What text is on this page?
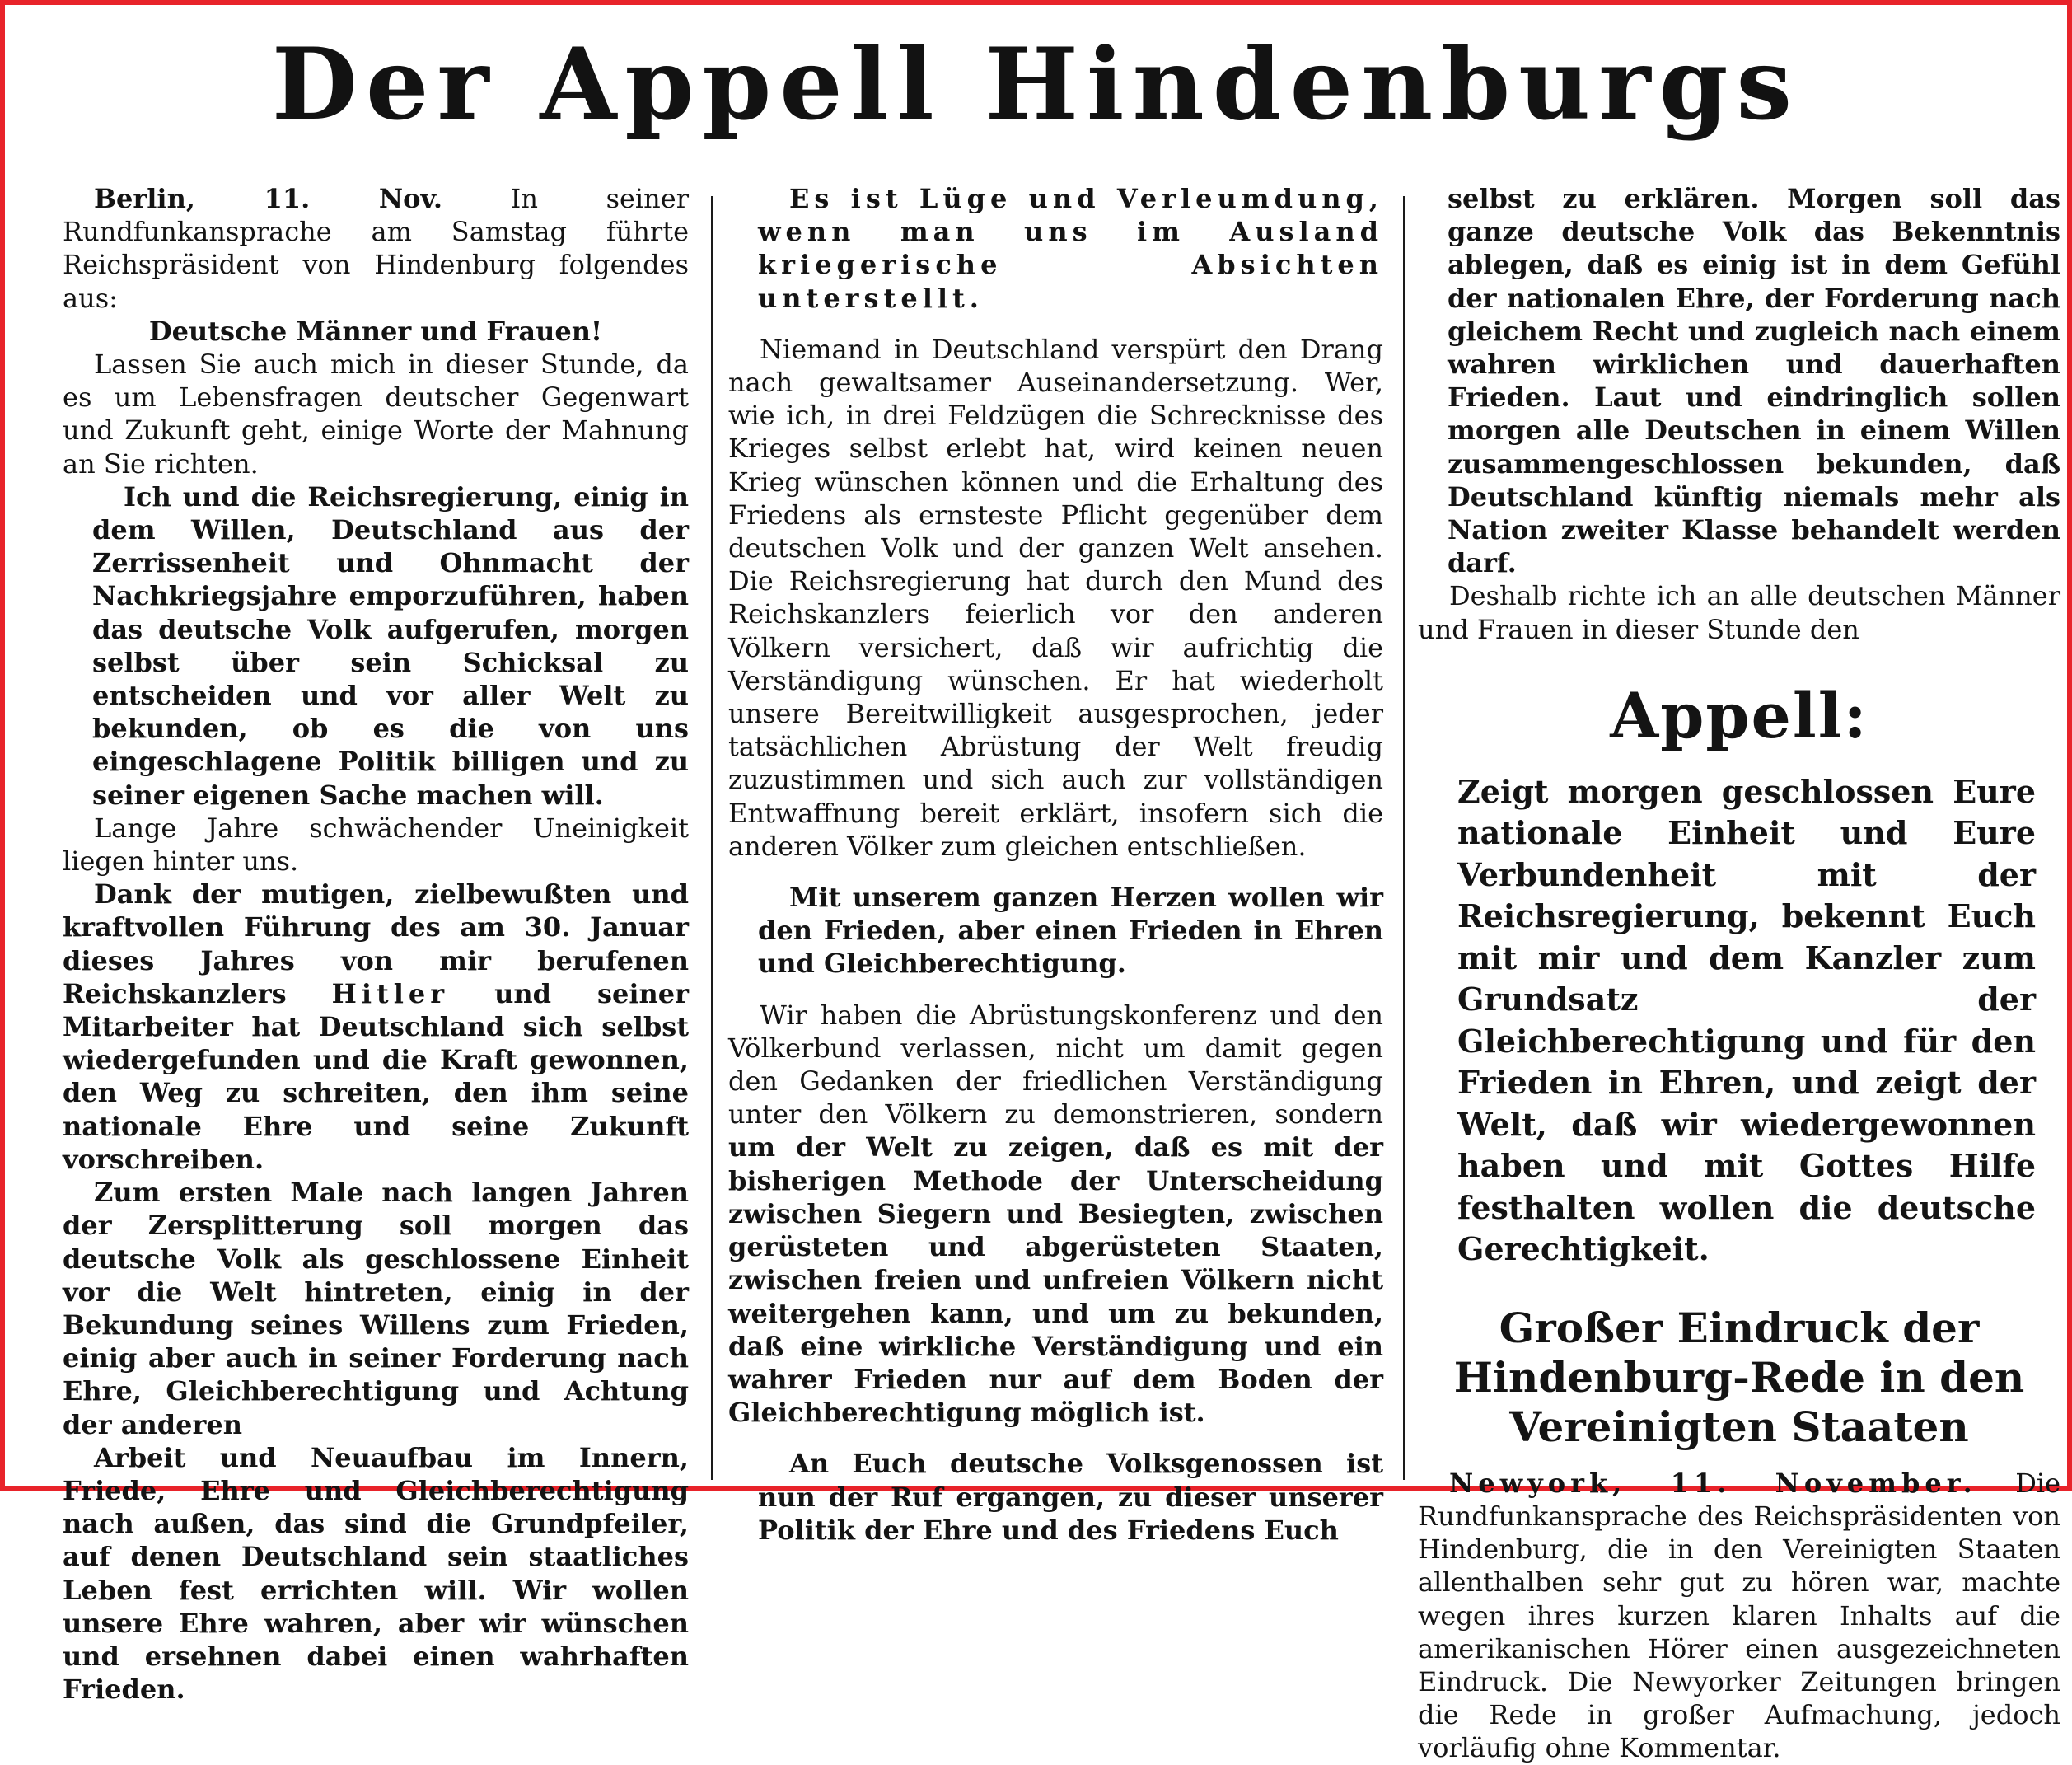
Der Appell Hindenburgs

Berlin, 11. Nov.	In seiner Rundfunkansprache am Samstag führte Reichspräsident von Hindenburg folgendes aus:

Deutsche Männer und Frauen!

Lassen Sie auch mich in dieser Stunde, da es um Lebensfragen deutscher Gegenwart und Zukunft geht, einige Worte der Mahnung an Sie richten.

Ich und die Reichsregierung, einig in dem Willen, Deutschland aus der Zerrissenheit und Ohnmacht der Nachkriegsjahre emporzuführen, haben das deutsche Volk aufgerufen, morgen selbst über sein Schicksal zu entscheiden und vor aller Welt zu bekunden, ob es die von uns eingeschlagene Politik billigen und zu seiner eigenen Sache machen will.

Lange Jahre schwächender Uneinigkeit liegen hinter uns.

Dank der mutigen, zielbewußten und kraftvollen Führung des am 30. Januar dieses Jahres von mir berufenen Reichskanzlers Hitler und seiner Mitarbeiter hat Deutschland sich selbst wiedergefunden und die Kraft gewonnen, den Weg zu schreiten, den ihm seine nationale Ehre und seine Zukunft vorschreiben.

Zum ersten Male nach langen Jahren der Zersplitterung soll morgen das deutsche Volk als geschlossene Einheit vor die Welt hintreten, einig in der Bekundung seines Willens zum Frieden, einig aber auch in seiner Forderung nach Ehre, Gleichberechtigung und Achtung der anderen

Arbeit und Neuaufbau im Innern, Friede, Ehre und Gleichberechtigung nach außen, das sind die Grundpfeiler, auf denen Deutschland sein staatliches Leben fest errichten will. Wir wollen unsere Ehre wahren, aber wir wünschen und ersehnen dabei einen wahrhaften Frieden.

Es ist Lüge und Verleumdung, wenn man uns im Ausland kriegerische Absichten unterstellt.

Niemand in Deutschland verspürt den Drang nach gewaltsamer Auseinandersetzung. Wer, wie ich, in drei Feldzügen die Schrecknisse des Krieges selbst erlebt hat, wird keinen neuen Krieg wünschen können und die Erhaltung des Friedens als ernsteste Pflicht gegenüber dem deutschen Volk und der ganzen Welt ansehen. Die Reichsregierung hat durch den Mund des Reichskanzlers feierlich vor den anderen Völkern versichert, daß wir aufrichtig die Verständigung wünschen. Er hat wiederholt unsere Bereitwilligkeit ausgesprochen, jeder tatsächlichen Abrüstung der Welt freudig zuzustimmen und sich auch zur vollständigen Entwaffnung bereit erklärt, insofern sich die anderen Völker zum gleichen entschließen.

Mit unserem ganzen Herzen wollen wir den Frieden, aber einen Frieden in Ehren und Gleichberechtigung.

Wir haben die Abrüstungskonferenz und den Völkerbund verlassen, nicht um damit gegen den Gedanken der friedlichen Verständigung unter den Völkern zu demonstrieren, sondern um der Welt zu zeigen, daß es mit der bisherigen Methode der Unterscheidung zwischen Siegern und Besiegten, zwischen gerüsteten und abgerüsteten Staaten, zwischen freien und unfreien Völkern nicht weitergehen kann, und um zu bekunden, daß eine wirkliche Verständigung und ein wahrer Frieden nur auf dem Boden der Gleichberechtigung möglich ist.

An Euch deutsche Volksgenossen ist nun der Ruf ergangen, zu dieser unserer Politik der Ehre und des Friedens Euch

selbst zu erklären. Morgen soll das ganze deutsche Volk das Bekenntnis ablegen, daß es einig ist in dem Gefühl der nationalen Ehre, der Forderung nach gleichem Recht und zugleich nach einem wahren wirklichen und dauerhaften Frieden. Laut und eindringlich sollen morgen alle Deutschen in einem Willen zusammengeschlossen bekunden, daß Deutschland künftig niemals mehr als Nation zweiter Klasse behandelt werden darf.

Deshalb richte ich an alle deutschen Männer und Frauen in dieser Stunde den

Appell:

Zeigt morgen geschlossen Eure nationale Einheit und Eure Verbundenheit mit der Reichsregierung, bekennt Euch mit mir und dem Kanzler zum Grundsatz der Gleichberechtigung und für den Frieden in Ehren, und zeigt der Welt, daß wir wiedergewonnen haben und mit Gottes Hilfe festhalten wollen die deutsche Gerechtigkeit.

Großer Eindruck der Hindenburg-Rede in den Vereinigten Staaten

Newyork, 11. November. Die Rundfunkansprache des Reichspräsidenten von Hindenburg, die in den Vereinigten Staaten allenthalben sehr gut zu hören war, machte wegen ihres kurzen klaren Inhalts auf die amerikanischen Hörer einen ausgezeichneten Eindruck. Die Newyorker Zeitungen bringen die Rede in großer Aufmachung, jedoch vorläufig ohne Kommentar.
